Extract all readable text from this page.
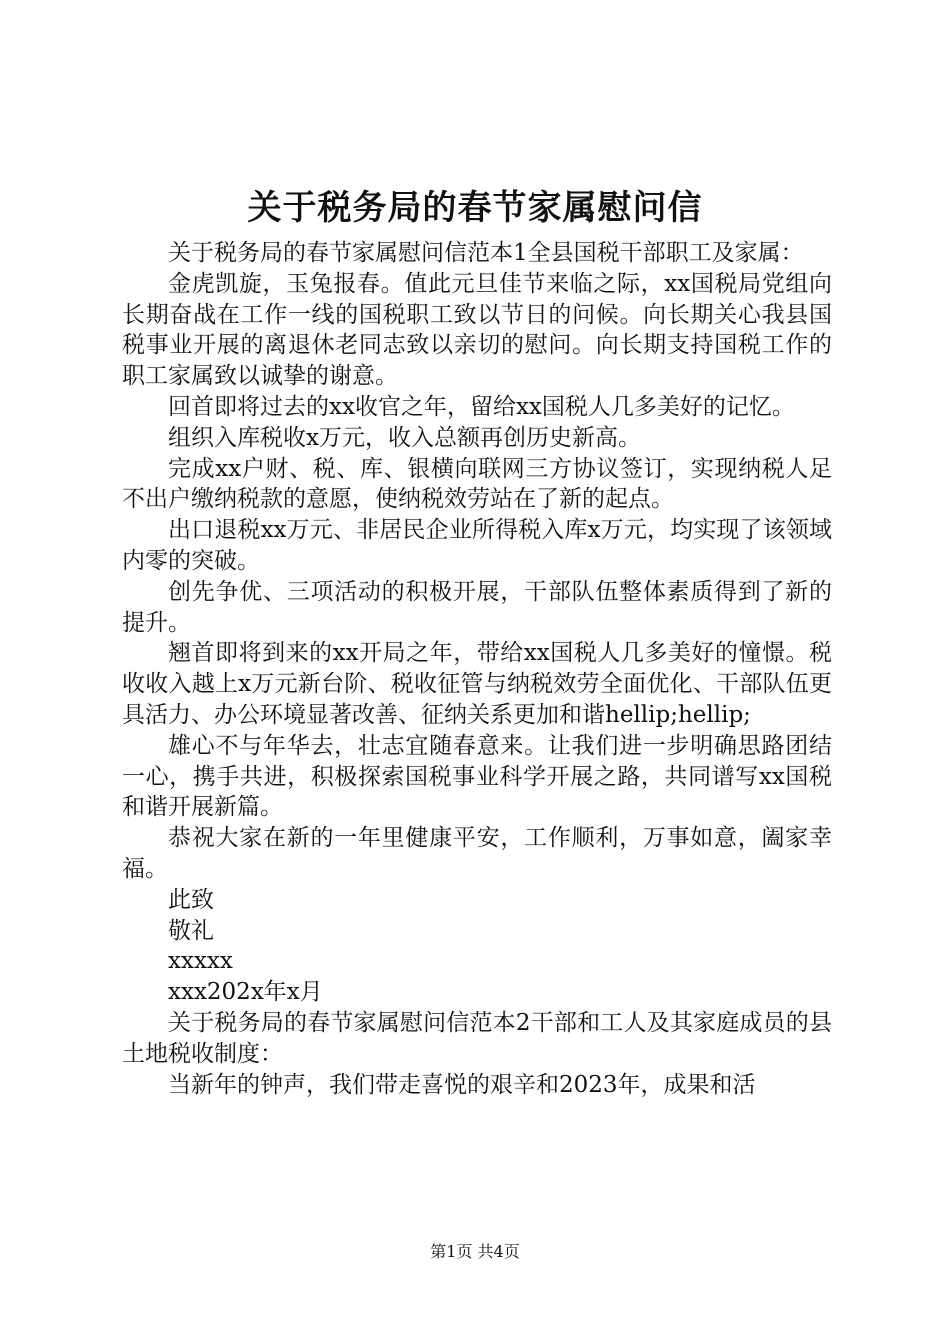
关于税务局的春节家属慰问信

关于税务局的春节家属慰问信范本1全县国税干部职工及家属：

金虎凯旋，玉兔报春。值此元旦佳节来临之际，xx国税局党组向长期奋战在工作一线的国税职工致以节日的问候。向长期关心我县国税事业开展的离退休老同志致以亲切的慰问。向长期支持国税工作的职工家属致以诚挚的谢意。

回首即将过去的xx收官之年，留给xx国税人几多美好的记忆。

组织入库税收x万元，收入总额再创历史新高。

完成xx户财、税、库、银横向联网三方协议签订，实现纳税人足不出户缴纳税款的意愿，使纳税效劳站在了新的起点。

出口退税xx万元、非居民企业所得税入库x万元，均实现了该领域内零的突破。

创先争优、三项活动的积极开展，干部队伍整体素质得到了新的提升。

翘首即将到来的xx开局之年，带给xx国税人几多美好的憧憬。税收收入越上x万元新台阶、税收征管与纳税效劳全面优化、干部队伍更具活力、办公环境显著改善、征纳关系更加和谐hellip;hellip;

雄心不与年华去，壮志宜随春意来。让我们进一步明确思路团结一心，携手共进，积极探索国税事业科学开展之路，共同谱写xx国税和谐开展新篇。

恭祝大家在新的一年里健康平安，工作顺利，万事如意，阖家幸福。

此致

敬礼

xxxxx

xxx202x年x月

关于税务局的春节家属慰问信范本2干部和工人及其家庭成员的县土地税收制度：

当新年的钟声，我们带走喜悦的艰辛和2023年，成果和活

第1页 共4页
